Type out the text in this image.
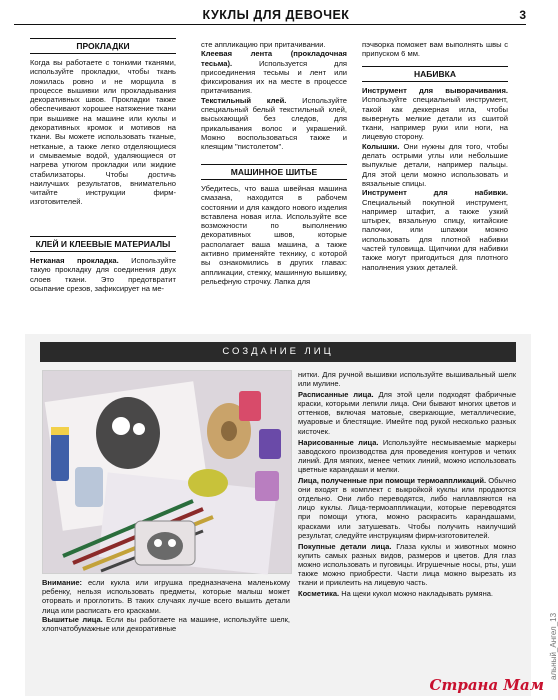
КУКЛЫ ДЛЯ ДЕВОЧЕК	3
ПРОКЛАДКИ

Когда вы работаете с тонкими тканями, используйте прокладки, чтобы ткань ложилась ровно и не морщила в процессе вышивки или прокладывания декоративных швов. Прокладки также обеспечивают хорошее натяжение ткани при вышивке на машине или куклы и декоративных кромок и мотивов на ткани. Вы можете использовать тканые, нетканые, а также легко отделяющиеся и смываемые водой, удаляющиеся от нагрева утюгом прокладки или жидкие стабилизаторы. Чтобы достичь наилучших результатов, внимательно читайте инструкции фирм-изготовителей.

КЛЕЙ И КЛЕЕВЫЕ МАТЕРИАЛЫ

Нетканая прокладка. Используйте такую прокладку для соединения двух слоев ткани. Это предотвратит осыпание срезов, зафиксирует на ме-

сте аппликацию при притачивании.

Клеевая лента (прокладочная тесьма). Используется для присоединения тесьмы и лент или фиксирования их на месте в процессе притачивания.

Текстильный клей. Используйте специальный белый текстильный клей, высыхающий без следов, для прикалывания волос и украшений. Можно воспользоваться также и клеящим "пистолетом".

МАШИННОЕ ШИТЬЕ

Убедитесь, что ваша швейная машина смазана, находится в рабочем состоянии и для каждого нового изделия вставлена новая игла. Используйте все возможности по выполнению декоративных швов, которые располагает ваша машина, а также активно применяйте технику, с которой вы ознакомились в других главах: аппликации, стежку, машинную вышивку, рельефную строчку. Лапка для

пэчворка поможет вам выполнять швы с припуском 6 мм.

НАБИВКА

Инструмент для выворачивания. Используйте специальный инструмент, такой как деккерная игла, чтобы вывернуть мелкие детали из сшитой ткани, например руки или ноги, на лицевую сторону.

Колышки. Они нужны для того, чтобы делать острыми углы или небольшие выпуклые детали, например пальцы. Для этой цели можно использовать и вязальные спицы.

Инструмент для набивки. Специальный покупной инструмент, например штафит, а также узкий штырек, вязальную спицу, китайские палочки, или шпажки можно использовать для плотной набивки частей туловища. Щипчики для набивки также могут пригодиться для плотного наполнения узких деталей.

СОЗДАНИЕ ЛИЦ

Внимание: если кукла или игрушка предназначена маленькому ребенку, нельзя использовать предметы, которые малыш может оторвать и проглотить. В таких случаях лучше всего вышить детали лица или расписать его красками.

Вышитые лица. Если вы работаете на машине, используйте шелк, хлопчатобумажные или декоративные

нитки. Для ручной вышивки используйте вышивальный шелк или мулине.

Расписанные лица. Для этой цели подходят фабричные краски, которыми лепили лица. Они бывают многих цветов и оттенков, включая матовые, сверкающие, металлические, муаровые и блестящие. Имейте под рукой несколько разных кисточек.

Нарисованные лица. Используйте несмываемые маркеры заводского производства для проведения контуров и четких линий. Для мягких, менее четких линий, можно использовать цветные карандаши и мелки.

Лица, полученные при помощи термоаппликаций. Обычно они входят в комплект с выкройкой куклы или продаются отдельно. Они либо переводятся, либо наплавляются на лицо куклы. Лица-термоаппликации, которые переводятся при помощи утюга, можно раскрасить карандашами, красками или затушевать. Чтобы получить наилучший результат, следуйте инструкциям фирм-изготовителей.

Покупные детали лица. Глаза куклы и животных можно купить самых разных видов, размеров и цветов. Для глаз можно использовать и пуговицы. Игрушечные носы, рты, уши также можно приобрести. Части лица можно вырезать из ткани и приклеить на лицевую часть.

Косметика. На щеки кукол можно накладывать румяна.

альный_Ангел_13
Страна Мам
